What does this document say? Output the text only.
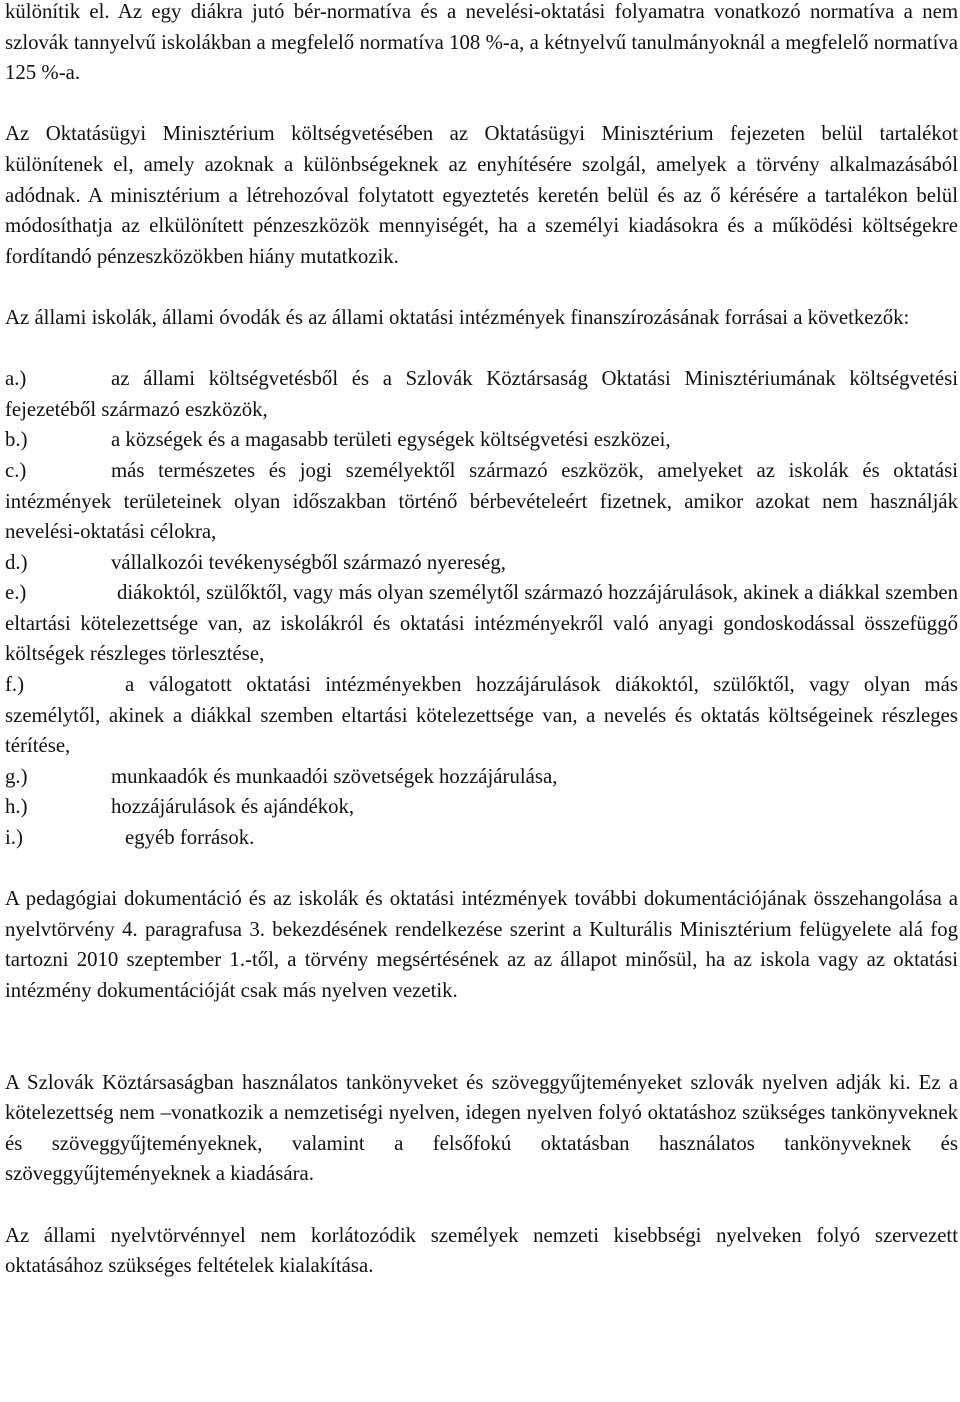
különítik el. Az egy diákra jutó bér-normatíva és a nevelési-oktatási folyamatra vonatkozó normatíva a nem szlovák tannyelvű iskolákban a megfelelő normatíva 108 %-a, a kétnyelvű tanulmányoknál a megfelelő normatíva 125 %-a.

Az Oktatásügyi Minisztérium költségvetésében az Oktatásügyi Minisztérium fejezeten belül tartalékot különítenek el, amely azoknak a különbségeknek az enyhítésére szolgál, amelyek a törvény alkalmazásából adódnak. A minisztérium a létrehozóval folytatott egyeztetés keretén belül és az ő kérésére a tartalékon belül módosíthatja az elkülönített pénzeszközök mennyiségét, ha a személyi kiadásokra és a működési költségekre fordítandó pénzeszközökben hiány mutatkozik.

Az állami iskolák, állami óvodák és az állami oktatási intézmények finanszírozásának forrásai a következők:

a.)	az állami költségvetésből és a Szlovák Köztársaság Oktatási Minisztériumának költségvetési fejezetéből származó eszközök,

b.)	a községek és a magasabb területi egységek költségvetési eszközei,

c.)	más természetes és jogi személyektől származó eszközök, amelyeket az iskolák és oktatási intézmények területeinek olyan időszakban történő bérbevételeért fizetnek, amikor azokat nem használják nevelési-oktatási célokra,

d.)	vállalkozói tevékenységből származó nyereség,

e.)	diákoktól, szülőktől, vagy más olyan személytől származó hozzájárulások, akinek a diákkal szemben eltartási kötelezettsége van, az iskolákról és oktatási intézményekről való anyagi gondoskodással összefüggő költségek részleges törlesztése,

f.)	a válogatott oktatási intézményekben hozzájárulások diákoktól, szülőktől, vagy olyan más személytől, akinek a diákkal szemben eltartási kötelezettsége van, a nevelés és oktatás költségeinek részleges térítése,

g.)	munkaadók és munkaadói szövetségek hozzájárulása,

h.)	hozzájárulások és ajándékok,

i.)	egyéb források.

A pedagógiai dokumentáció és az iskolák és oktatási intézmények további dokumentációjának összehangolása a nyelvtörvény 4. paragrafusa 3. bekezdésének rendelkezése szerint a Kulturális Minisztérium felügyelete alá fog tartozni 2010 szeptember 1.-től, a törvény megsértésének az az állapot minősül, ha az iskola vagy az oktatási intézmény dokumentációját csak más nyelven vezetik.

A Szlovák Köztársaságban használatos tankönyveket és szöveggyűjteményeket szlovák nyelven adják ki. Ez a kötelezettség nem –vonatkozik a nemzetiségi nyelven, idegen nyelven folyó oktatáshoz szükséges tankönyveknek és szöveggyűjteményeknek, valamint a felsőfokú oktatásban használatos tankönyveknek és szöveggyűjteményeknek a kiadására.

Az állami nyelvtörvénnyel nem korlátozódik személyek nemzeti kisebbségi nyelveken folyó szervezett oktatásához szükséges feltételek kialakítása.
